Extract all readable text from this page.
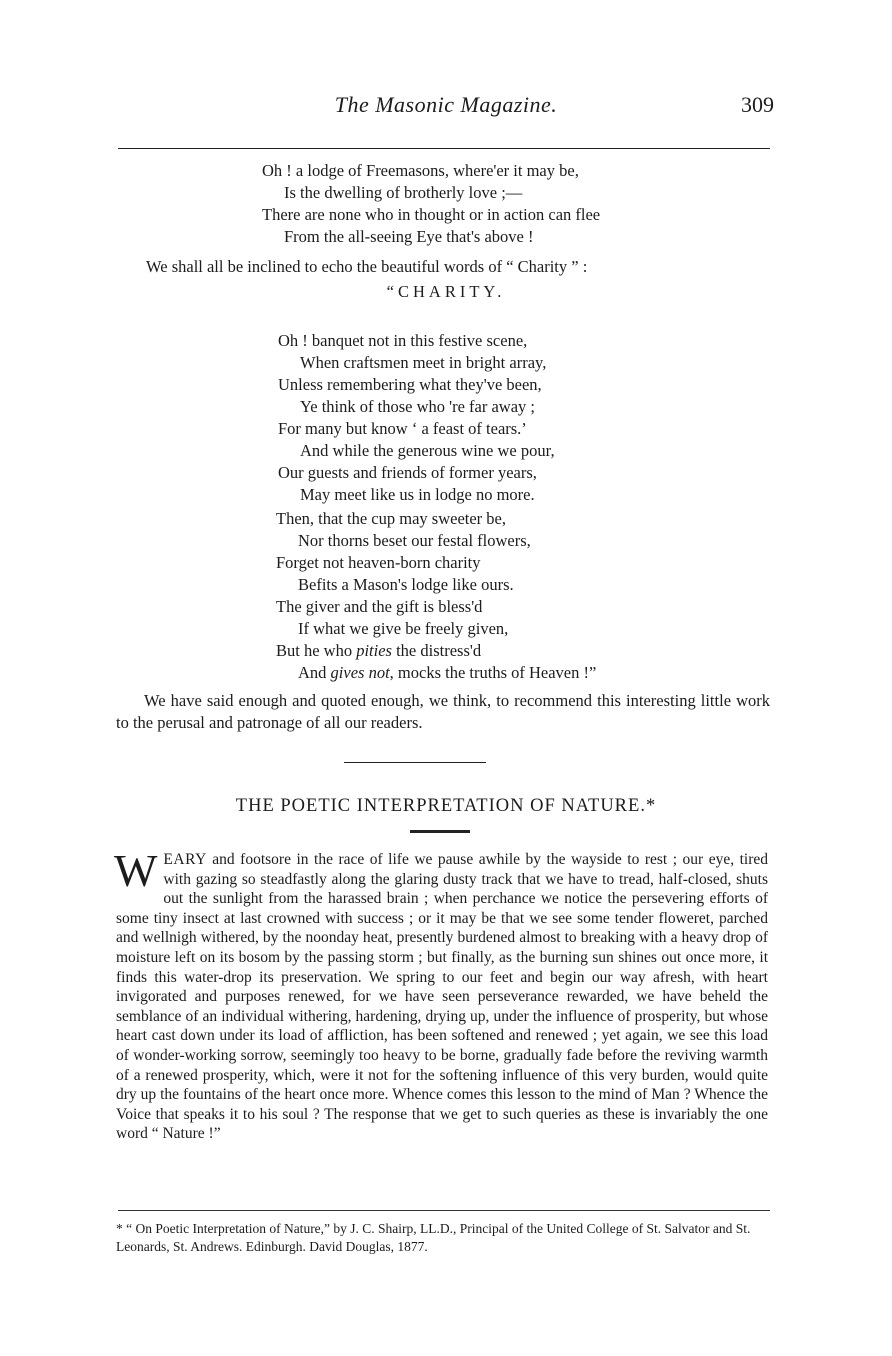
The Masonic Magazine.	309
Oh ! a lodge of Freemasons, where'er it may be,
Is the dwelling of brotherly love ;—
There are none who in thought or in action can flee
From the all-seeing Eye that's above !
We shall all be inclined to echo the beautiful words of “ Charity ” :
“CHARITY.
Oh ! banquet not in this festive scene,
When craftsmen meet in bright array,
Unless remembering what they've been,
Ye think of those who 're far away ;
For many but know ‘ a feast of tears.’
And while the generous wine we pour,
Our guests and friends of former years,
May meet like us in lodge no more.
Then, that the cup may sweeter be,
Nor thorns beset our festal flowers,
Forget not heaven-born charity
Befits a Mason's lodge like ours.
The giver and the gift is bless'd
If what we give be freely given,
But he who pities the distress'd
And gives not, mocks the truths of Heaven !”
We have said enough and quoted enough, we think, to recommend this interesting little work to the perusal and patronage of all our readers.
THE POETIC INTERPRETATION OF NATURE.*
WEARY and footsore in the race of life we pause awhile by the wayside to rest ; our eye, tired with gazing so steadfastly along the glaring dusty track that we have to tread, half-closed, shuts out the sunlight from the harassed brain ; when perchance we notice the persevering efforts of some tiny insect at last crowned with success ; or it may be that we see some tender floweret, parched and wellnigh withered, by the noonday heat, presently burdened almost to breaking with a heavy drop of moisture left on its bosom by the passing storm ; but finally, as the burning sun shines out once more, it finds this water-drop its preservation. We spring to our feet and begin our way afresh, with heart invigorated and purposes renewed, for we have seen perseverance rewarded, we have beheld the semblance of an individual withering, hardening, drying up, under the influence of prosperity, but whose heart cast down under its load of affliction, has been softened and renewed ; yet again, we see this load of wonder-working sorrow, seemingly too heavy to be borne, gradually fade before the reviving warmth of a renewed prosperity, which, were it not for the softening influence of this very burden, would quite dry up the fountains of the heart once more. Whence comes this lesson to the mind of Man ? Whence the Voice that speaks it to his soul ? The response that we get to such queries as these is invariably the one word “ Nature !”
* “ On Poetic Interpretation of Nature,” by J. C. Shairp, LL.D., Principal of the United College of St. Salvator and St. Leonards, St. Andrews. Edinburgh. David Douglas, 1877.
